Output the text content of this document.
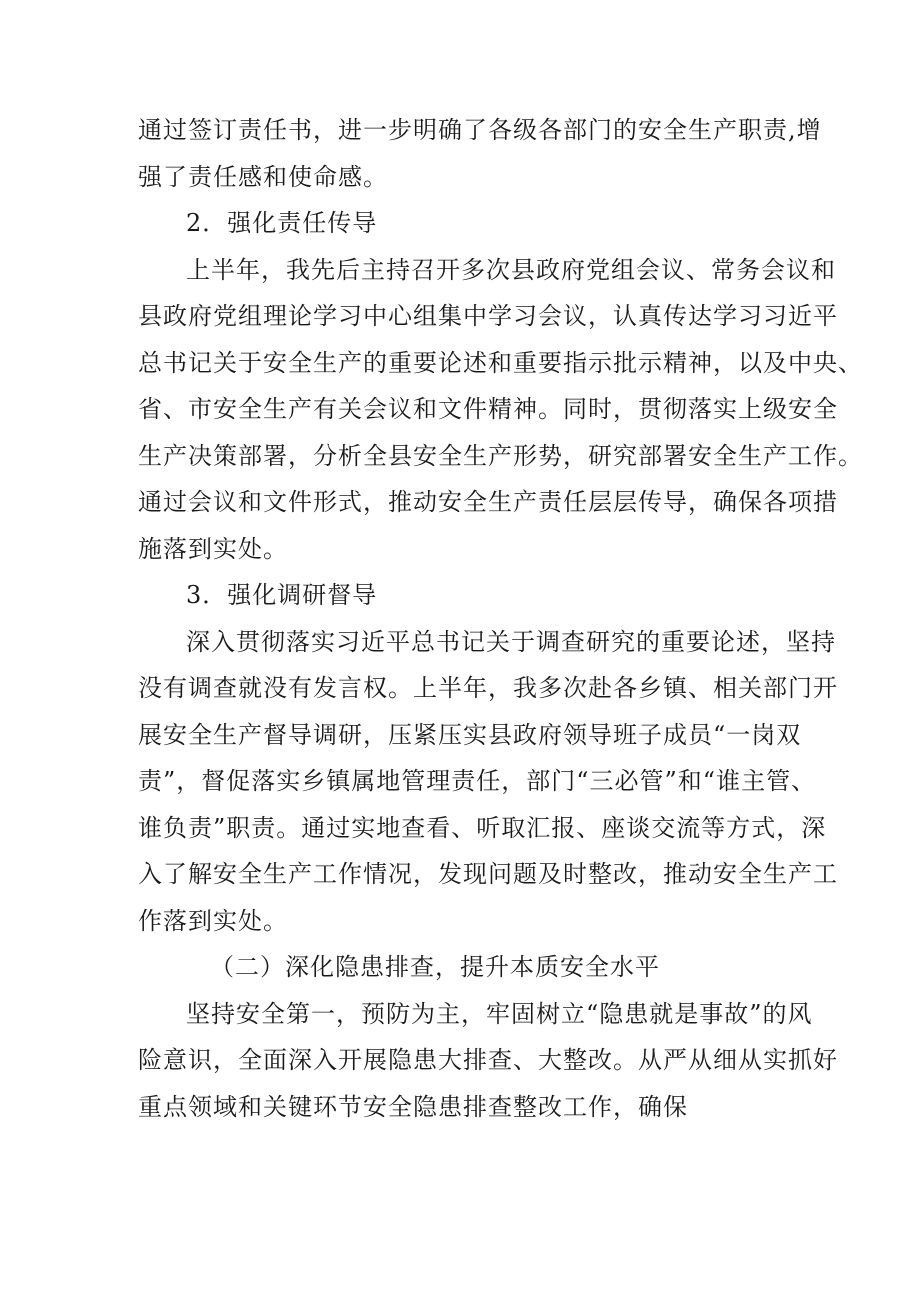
通过签订责任书，进一步明确了各级各部门的安全生产职责,增
强了责任感和使命感。
2．强化责任传导
上半年，我先后主持召开多次县政府党组会议、常务会议和
县政府党组理论学习中心组集中学习会议，认真传达学习习近平
总书记关于安全生产的重要论述和重要指示批示精神，以及中央、
省、市安全生产有关会议和文件精神。同时，贯彻落实上级安全
生产决策部署，分析全县安全生产形势，研究部署安全生产工作。
通过会议和文件形式，推动安全生产责任层层传导，确保各项措
施落到实处。
3．强化调研督导
深入贯彻落实习近平总书记关于调查研究的重要论述，坚持
没有调查就没有发言权。上半年，我多次赴各乡镇、相关部门开
展安全生产督导调研，压紧压实县政府领导班子成员“一岗双
责”，督促落实乡镇属地管理责任，部门“三必管”和“谁主管、
谁负责”职责。通过实地查看、听取汇报、座谈交流等方式，深
入了解安全生产工作情况，发现问题及时整改，推动安全生产工
作落到实处。
（二）深化隐患排查，提升本质安全水平
坚持安全第一，预防为主，牢固树立“隐患就是事故”的风
险意识，全面深入开展隐患大排查、大整改。从严从细从实抓好
重点领域和关键环节安全隐患排查整改工作，确保
